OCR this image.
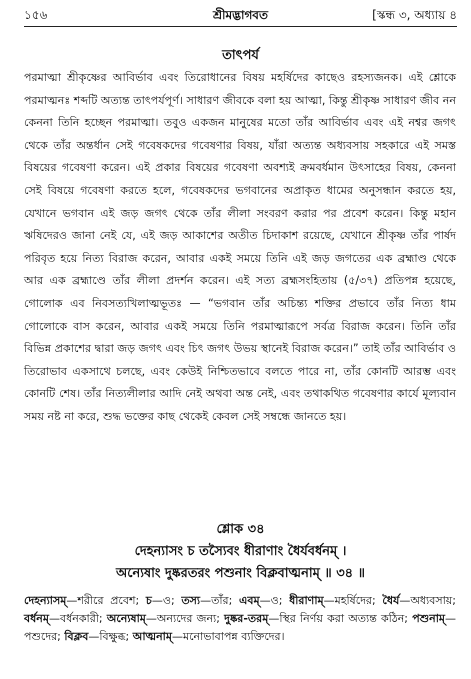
শ্রীমদ্ভাগবত
১৫৬	[স্কন্ধ ৩, অধ্যায় ৪
তাৎপর্য

পরমাত্মা শ্রীকৃষ্ণের আবির্ভাব এবং তিরোধানের বিষয় মহর্ষিদের কাছেও রহস্যজনক। এই শ্লোকে পরমাত্মনঃ শব্দটি অত্যন্ত তাৎপর্যপূর্ণ। সাধারণ জীবকে বলা হয় আত্মা, কিন্তু শ্রীকৃষ্ণ সাধারণ জীব নন কেননা তিনি হচ্ছেন পরমাত্মা। তবুও একজন মানুষের মতো তাঁর আবির্ভাব এবং এই নশ্বর জগৎ থেকে তাঁর অন্তর্ধান সেই গবেষকদের গবেষণার বিষয়, যাঁরা অত্যন্ত অধ্যবসায় সহকারে এই সমস্ত বিষয়ের গবেষণা করেন। এই প্রকার বিষয়ের গবেষণা অবশ্যই ক্রমবর্ধমান উৎসাহের বিষয়, কেননা সেই বিষয়ে গবেষণা করতে হলে, গবেষকদের ভগবানের অপ্রাকৃত ধামের অনুসন্ধান করতে হয়, যেখানে ভগবান এই জড় জগৎ থেকে তাঁর লীলা সংবরণ করার পর প্রবেশ করেন। কিন্তু মহান ঋষিদেরও জানা নেই যে, এই জড় আকাশের অতীত চিদাকাশ রয়েছে, যেখানে শ্রীকৃষ্ণ তাঁর পার্ষদ পরিবৃত হয়ে নিত্য বিরাজ করেন, আবার একই সময়ে তিনি এই জড় জগতের এক ব্রহ্মাণ্ড থেকে আর এক ব্রহ্মাণ্ডে তাঁর লীলা প্রদর্শন করেন। এই সত্য ব্রহ্মসংহিতায় (৫/৩৭) প্রতিপন্ন হয়েছে, গোলোক এব নিবসত্যখিলাত্মভূতঃ — “ভগবান তাঁর অচিন্ত্য শক্তির প্রভাবে তাঁর নিত্য ধাম গোলোকে বাস করেন, আবার একই সময়ে তিনি পরমাত্মারূপে সর্বত্র বিরাজ করেন। তিনি তাঁর বিভিন্ন প্রকাশের দ্বারা জড় জগৎ এবং চিৎ জগৎ উভয় স্থানেই বিরাজ করেন।” তাই তাঁর আবির্ভাব ও তিরোভাব একসাথে চলছে, এবং কেউই নিশ্চিতভাবে বলতে পারে না, তাঁর কোনটি আরম্ভ এবং কোনটি শেষ। তাঁর নিত্যলীলার আদি নেই অথবা অন্ত নেই, এবং তথাকথিত গবেষণার কার্যে মূল্যবান সময় নষ্ট না করে, শুদ্ধ ভক্তের কাছ থেকেই কেবল সেই সম্বন্ধে জানতে হয়।

শ্লোক ৩৪
দেহন্যাসং চ তস্যৈবং ধীরাণাং ধৈর্যবর্ধনম্ ।
অন্যেষাং দুষ্করতরং পশুনাং বিক্লবাত্মনাম্ ॥ ৩৪ ॥

দেহন্যাসম্—শরীরে প্রবেশ; চ—ও; তস্য—তাঁর; এবম্—ও; ধীরাণাম্—মহর্ষিদের; ধৈর্য—অধ্যবসায়; বর্ধনম্—বর্ধনকারী; অন্যেষাম্—অন্যদের জন্য; দুষ্কর-তরম্—স্থির নির্ণয় করা অত্যন্ত কঠিন; পশুনাম্—পশুদের; বিক্লব—বিক্ষুব্ধ; আত্মনাম্—মনোভাবাপন্ন ব্যক্তিদের।
